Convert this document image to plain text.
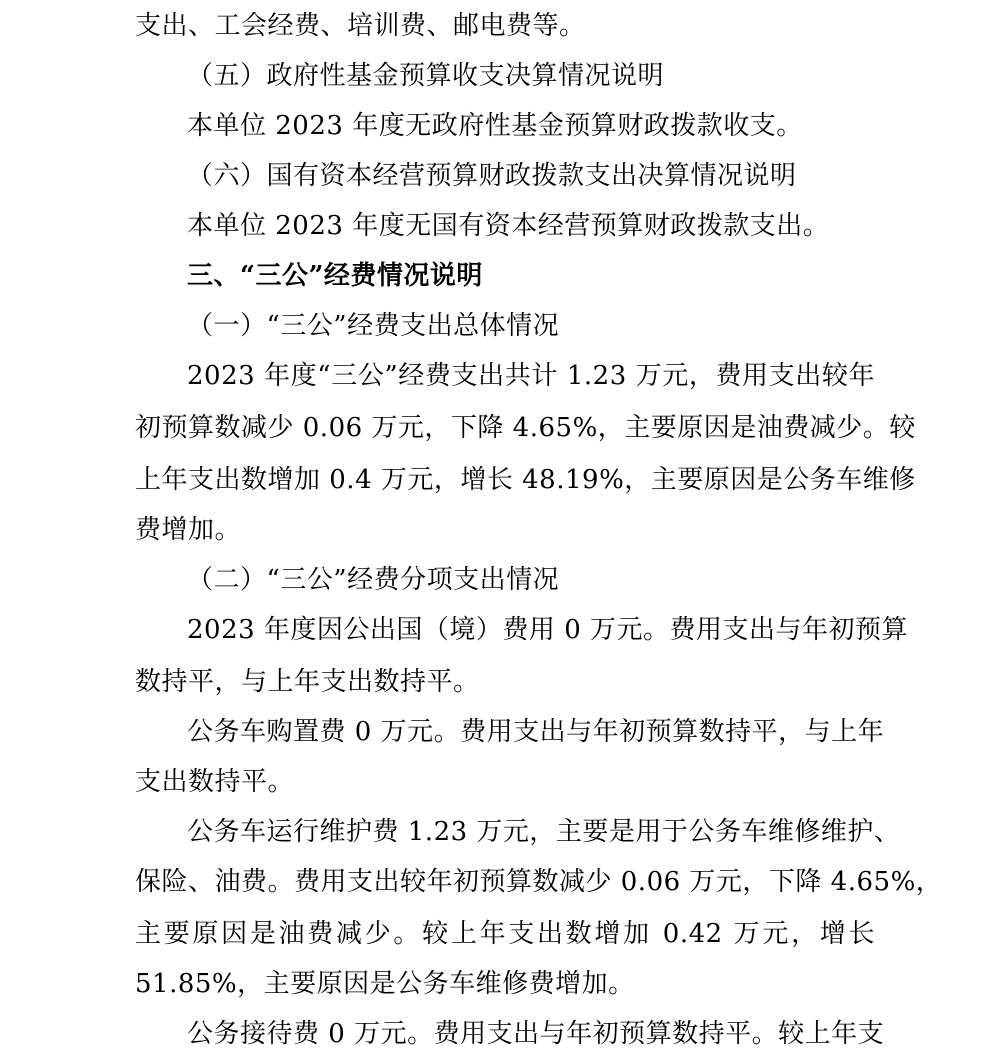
支出、工会经费、培训费、邮电费等。
（五）政府性基金预算收支决算情况说明
本单位 2023 年度无政府性基金预算财政拨款收支。
（六）国有资本经营预算财政拨款支出决算情况说明
本单位 2023 年度无国有资本经营预算财政拨款支出。
三、“三公”经费情况说明
（一）“三公”经费支出总体情况
2023 年度“三公”经费支出共计 1.23 万元，费用支出较年
初预算数减少 0.06 万元，下降 4.65%，主要原因是油费减少。较
上年支出数增加 0.4 万元，增长 48.19%，主要原因是公务车维修
费增加。
（二）“三公”经费分项支出情况
2023 年度因公出国（境）费用 0 万元。费用支出与年初预算
数持平，与上年支出数持平。
公务车购置费 0 万元。费用支出与年初预算数持平，与上年
支出数持平。
公务车运行维护费 1.23 万元，主要是用于公务车维修维护、
保险、油费。费用支出较年初预算数减少 0.06 万元，下降 4.65%，
主要原因是油费减少。较上年支出数增加 0.42 万元，增长
51.85%，主要原因是公务车维修费增加。
公务接待费 0 万元。费用支出与年初预算数持平。较上年支
